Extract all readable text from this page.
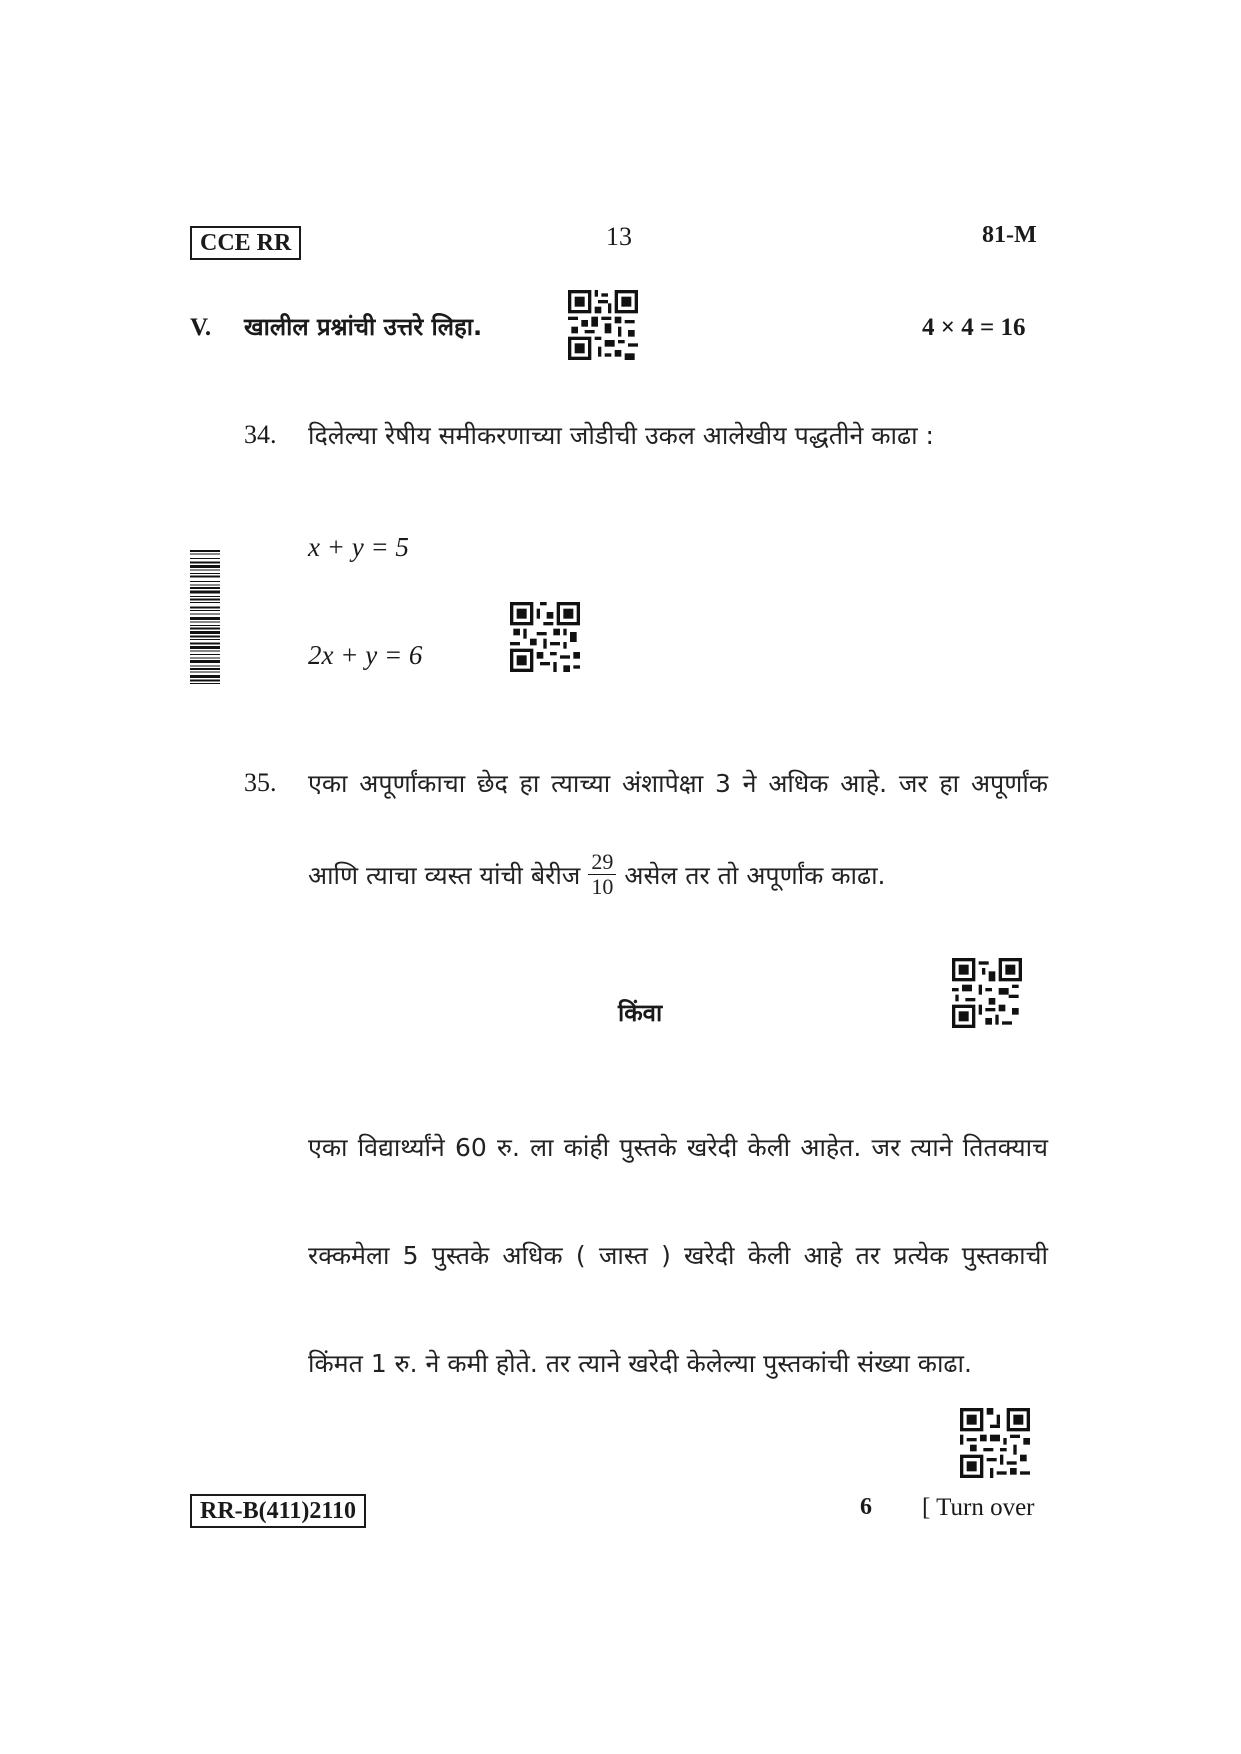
CCE RR	13	81-M
V. खालील प्रश्नांची उत्तरे लिहा.	4 × 4 = 16
34. दिलेल्या रेषीय समीकरणाच्या जोडीची उकल आलेखीय पद्धतीने काढा :
x + y = 5
2x + y = 6
35. एका अपूर्णांकाचा छेद हा त्याच्या अंशापेक्षा 3 ने अधिक आहे. जर हा अपूर्णांक
आणि त्याचा व्यस्त यांची बेरीज $\frac{29}{10}$ असेल तर तो अपूर्णांक काढा.
किंवा
एका विद्यार्थ्यांने 60 रु. ला कांही पुस्तके खरेदी केली आहेत. जर त्याने तितक्याच
रक्कमेला 5 पुस्तके अधिक ( जास्त ) खरेदी केली आहे तर प्रत्येक पुस्तकाची
किंमत 1 रु. ने कमी होते. तर त्याने खरेदी केलेल्या पुस्तकांची संख्या काढा.
RR-B(411)2110	6 [ Turn over
